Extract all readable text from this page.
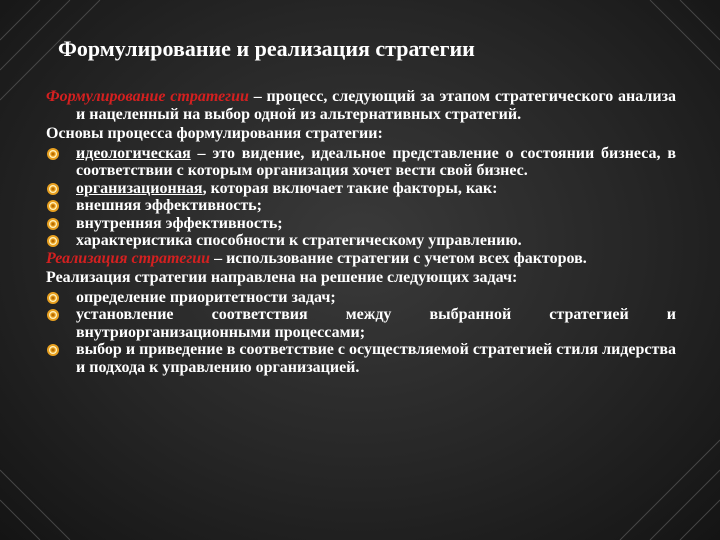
Формулирование и реализация стратегии

Формулирование стратегии – процесс, следующий за этапом стратегического анализа и нацеленный на выбор одной из альтернативных стратегий.

Основы процесса формулирования стратегии:

идеологическая – это видение, идеальное представление о состоянии бизнеса, в соответствии с которым организация хочет вести свой бизнес.
организационная, которая включает такие факторы, как:
внешняя эффективность;
внутренняя эффективность;
характеристика способности к стратегическому управлению.

Реализация стратегии – использование стратегии с учетом всех факторов.

Реализация стратегии направлена на решение следующих задач:

определение приоритетности задач;
установление соответствия между выбранной стратегией и внутриорганизационными процессами;
выбор и приведение в соответствие с осуществляемой стратегией стиля лидерства и подхода к управлению организацией.
